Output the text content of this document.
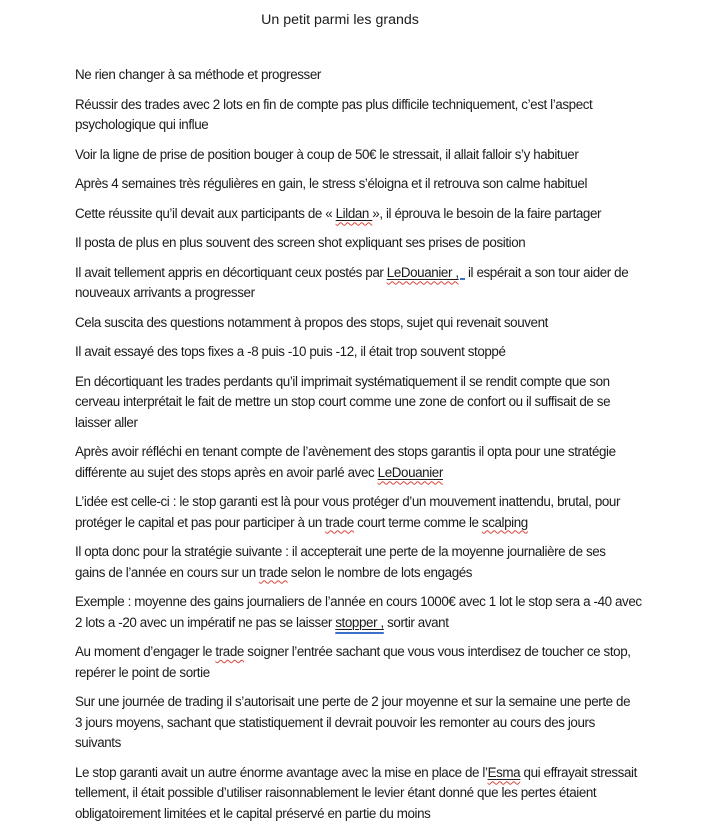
Un petit parmi les grands
Ne rien changer à sa méthode et progresser
Réussir des trades avec 2 lots en fin de compte pas plus difficile techniquement, c’est l’aspect
psychologique qui influe
Voir la ligne de prise de position bouger à coup de 50€ le stressait, il allait falloir s’y habituer
Après 4 semaines très régulières en gain, le stress s’éloigna et il retrouva son calme habituel
Cette réussite qu’il devait aux participants de « Lildan », il éprouva le besoin de la faire partager
Il posta de plus en plus souvent des screen shot expliquant ses prises de position
Il avait tellement appris en décortiquant ceux postés par LeDouanier , il espérait a son tour aider de
nouveaux arrivants a progresser
Cela suscita des questions notamment à propos des stops, sujet qui revenait souvent
Il avait essayé des tops fixes a -8 puis -10 puis -12, il était trop souvent stoppé
En décortiquant les trades perdants qu’il imprimait systématiquement il se rendit compte que son
cerveau interprétait le fait de mettre un stop court comme une zone de confort ou il suffisait de se
laisser aller
Après avoir réfléchi en tenant compte de l’avènement des stops garantis il opta pour une stratégie
différente au sujet des stops après en avoir parlé avec LeDouanier
L’idée est celle-ci : le stop garanti est là pour vous protéger d’un mouvement inattendu, brutal, pour
protéger le capital et pas pour participer à un trade court terme comme le scalping
Il opta donc pour la stratégie suivante : il accepterait une perte de la moyenne journalière de ses
gains de l’année en cours sur un trade selon le nombre de lots engagés
Exemple : moyenne des gains journaliers de l’année en cours 1000€ avec 1 lot le stop sera a -40 avec
2 lots a -20 avec un impératif ne pas se laisser stopper , sortir avant
Au moment d’engager le trade soigner l’entrée sachant que vous vous interdisez de toucher ce stop,
repérer le point de sortie
Sur une journée de trading il s’autorisait une perte de 2 jour moyenne et sur la semaine une perte de
3 jours moyens, sachant que statistiquement il devrait pouvoir les remonter au cours des jours
suivants
Le stop garanti avait un autre énorme avantage avec la mise en place de l’Esma qui effrayait stressait
tellement, il était possible d’utiliser raisonnablement le levier étant donné que les pertes étaient
obligatoirement limitées et le capital préservé en partie du moins
